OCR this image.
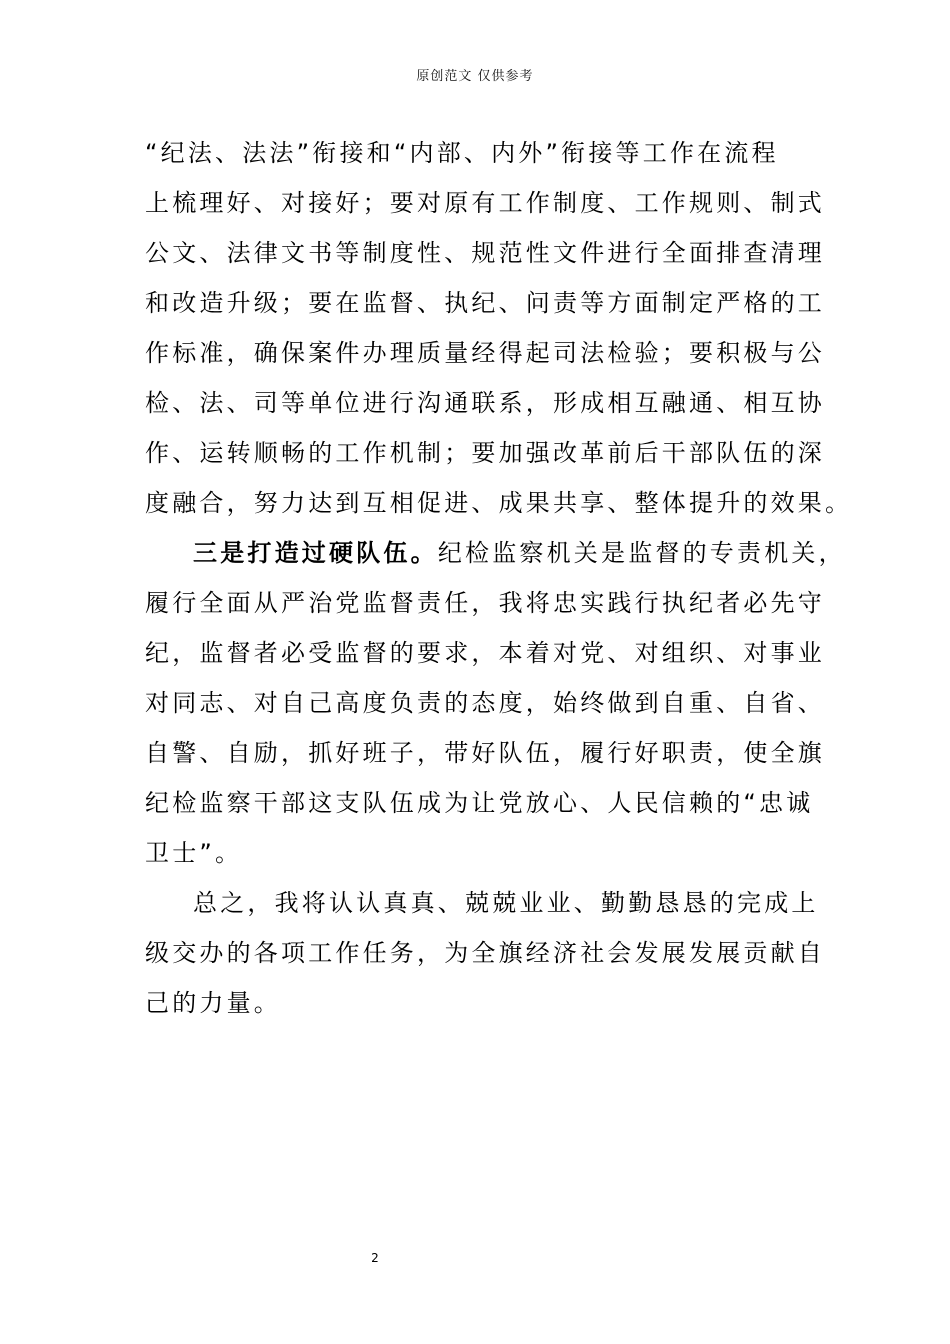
原创范文 仅供参考
“纪法、法法”衔接和“内部、内外”衔接等工作在流程
上梳理好、对接好；要对原有工作制度、工作规则、制式
公文、法律文书等制度性、规范性文件进行全面排查清理
和改造升级；要在监督、执纪、问责等方面制定严格的工
作标准，确保案件办理质量经得起司法检验；要积极与公
检、法、司等单位进行沟通联系，形成相互融通、相互协
作、运转顺畅的工作机制；要加强改革前后干部队伍的深
度融合，努力达到互相促进、成果共享、整体提升的效果。
三是打造过硬队伍。纪检监察机关是监督的专责机关，
履行全面从严治党监督责任，我将忠实践行执纪者必先守
纪，监督者必受监督的要求，本着对党、对组织、对事业
对同志、对自己高度负责的态度，始终做到自重、自省、
自警、自励，抓好班子，带好队伍，履行好职责，使全旗
纪检监察干部这支队伍成为让党放心、人民信赖的“忠诚
卫士”。
总之，我将认认真真、兢兢业业、勤勤恳恳的完成上
级交办的各项工作任务，为全旗经济社会发展发展贡献自
己的力量。
2
